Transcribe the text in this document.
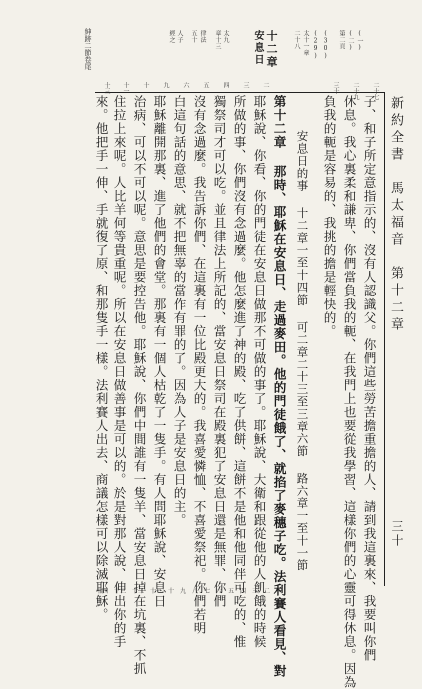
紳跡二節卷尾	人子
經之	律法
五十	太九
章十三	十二章
安息日	(30)
(29)
太十一章
二十八	(一)
(二)
第二頁
新約全書　馬太福音　第十二章
三十
子、和子所定意指示的、沒有人認識父。你們這些勞苦擔重擔的人、請到我這裏來、我要叫你們
休息。我心裏柔和謙卑、你們當負我的軛、在我門上也要從我學習、這樣你們的心靈可得休息。因為
負我的軛是容易的、我挑的擔是輕快的。
安息日的事 十二章一至十四節 可二章二十三至三章六節 路六章一至十一節
第十二章 那時、耶穌在安息日、走過麥田。他的門徒餓了、就掐了麥穗子吃。法利賽人看見、對
耶穌說、你看、你的門徒在安息日做那不可做的事了。耶穌說、大衛和跟從他的人飢餓的時候
所做的事、你們沒有念過麼。他怎麼進了神的殿、吃了供餅、這餅不是他和他同伴可吃的、惟
獨祭司才可以吃。並且律法上所記的、當安息日祭司在殿裏犯了安息日還是無罪、你們
沒有念過麼。我告訴你們、在這裏有一位比殿更大的。我喜愛憐恤、不喜愛祭祀。你們若明
白這句話的意思、就不把無辜的當作有罪的了。因為人子是安息日的主。
耶穌離開那裏、進了他們的會堂。那裏有一個人枯乾了一隻手。有人問耶穌說、安息日
治病、可以不可以呢。意思是要控告他。耶穌說、你們中間誰有一隻羊、當安息日掉在坑裏、不抓
住拉上來呢。人比羊何等貴重呢。所以在安息日做善事是可以的。於是對那人說、伸出你的手
來。他把手一伸、手就復了原、和那隻手一樣。法利賽人出去、商議怎樣可以除滅耶穌。
二十七
二十九
三十
二
三
四
五
六
九
十
十一
十三
十四　十三　十二　十一　十　九　八　七　六　五　四　三　二　一
